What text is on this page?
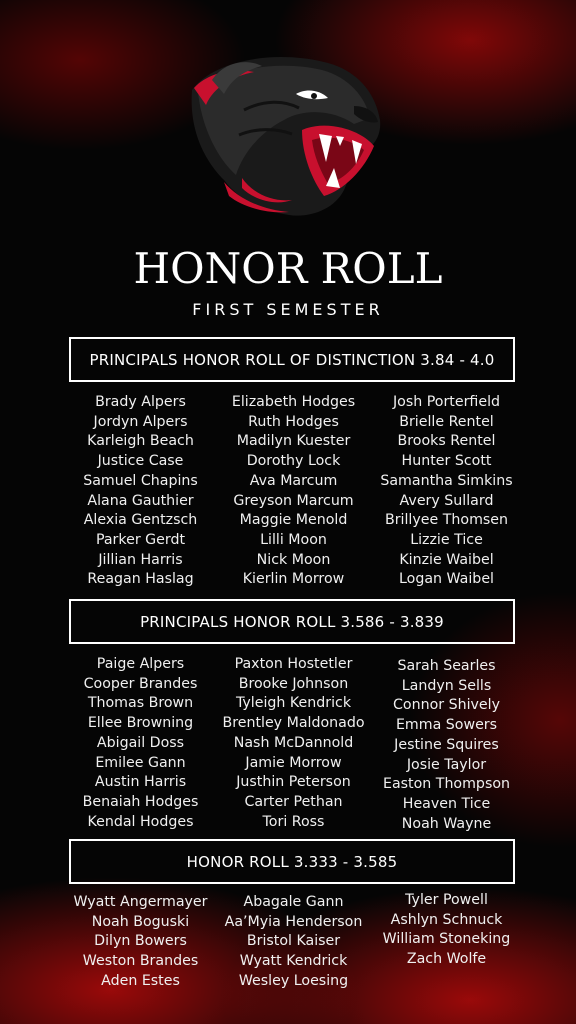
HONOR ROLL
FIRST SEMESTER
PRINCIPALS HONOR ROLL OF DISTINCTION 3.84 - 4.0
Brady Alpers
Jordyn Alpers
Karleigh Beach
Justice Case
Samuel Chapins
Alana Gauthier
Alexia Gentzsch
Parker Gerdt
Jillian Harris
Reagan Haslag
Elizabeth Hodges
Ruth Hodges
Madilyn Kuester
Dorothy Lock
Ava Marcum
Greyson Marcum
Maggie Menold
Lilli Moon
Nick Moon
Kierlin Morrow
Josh Porterfield
Brielle Rentel
Brooks Rentel
Hunter Scott
Samantha Simkins
Avery Sullard
Brillyee Thomsen
Lizzie Tice
Kinzie Waibel
Logan Waibel
PRINCIPALS HONOR ROLL 3.586 - 3.839
Paige Alpers
Cooper Brandes
Thomas Brown
Ellee Browning
Abigail Doss
Emilee Gann
Austin Harris
Benaiah Hodges
Kendal Hodges
Paxton Hostetler
Brooke Johnson
Tyleigh Kendrick
Brentley Maldonado
Nash McDannold
Jamie Morrow
Justhin Peterson
Carter Pethan
Tori Ross
Sarah Searles
Landyn Sells
Connor Shively
Emma Sowers
Jestine Squires
Josie Taylor
Easton Thompson
Heaven Tice
Noah Wayne
HONOR ROLL 3.333 - 3.585
Wyatt Angermayer
Noah Boguski
Dilyn Bowers
Weston Brandes
Aden Estes
Abagale Gann
Aa’Myia Henderson
Bristol Kaiser
Wyatt Kendrick
Wesley Loesing
Tyler Powell
Ashlyn Schnuck
William Stoneking
Zach Wolfe
